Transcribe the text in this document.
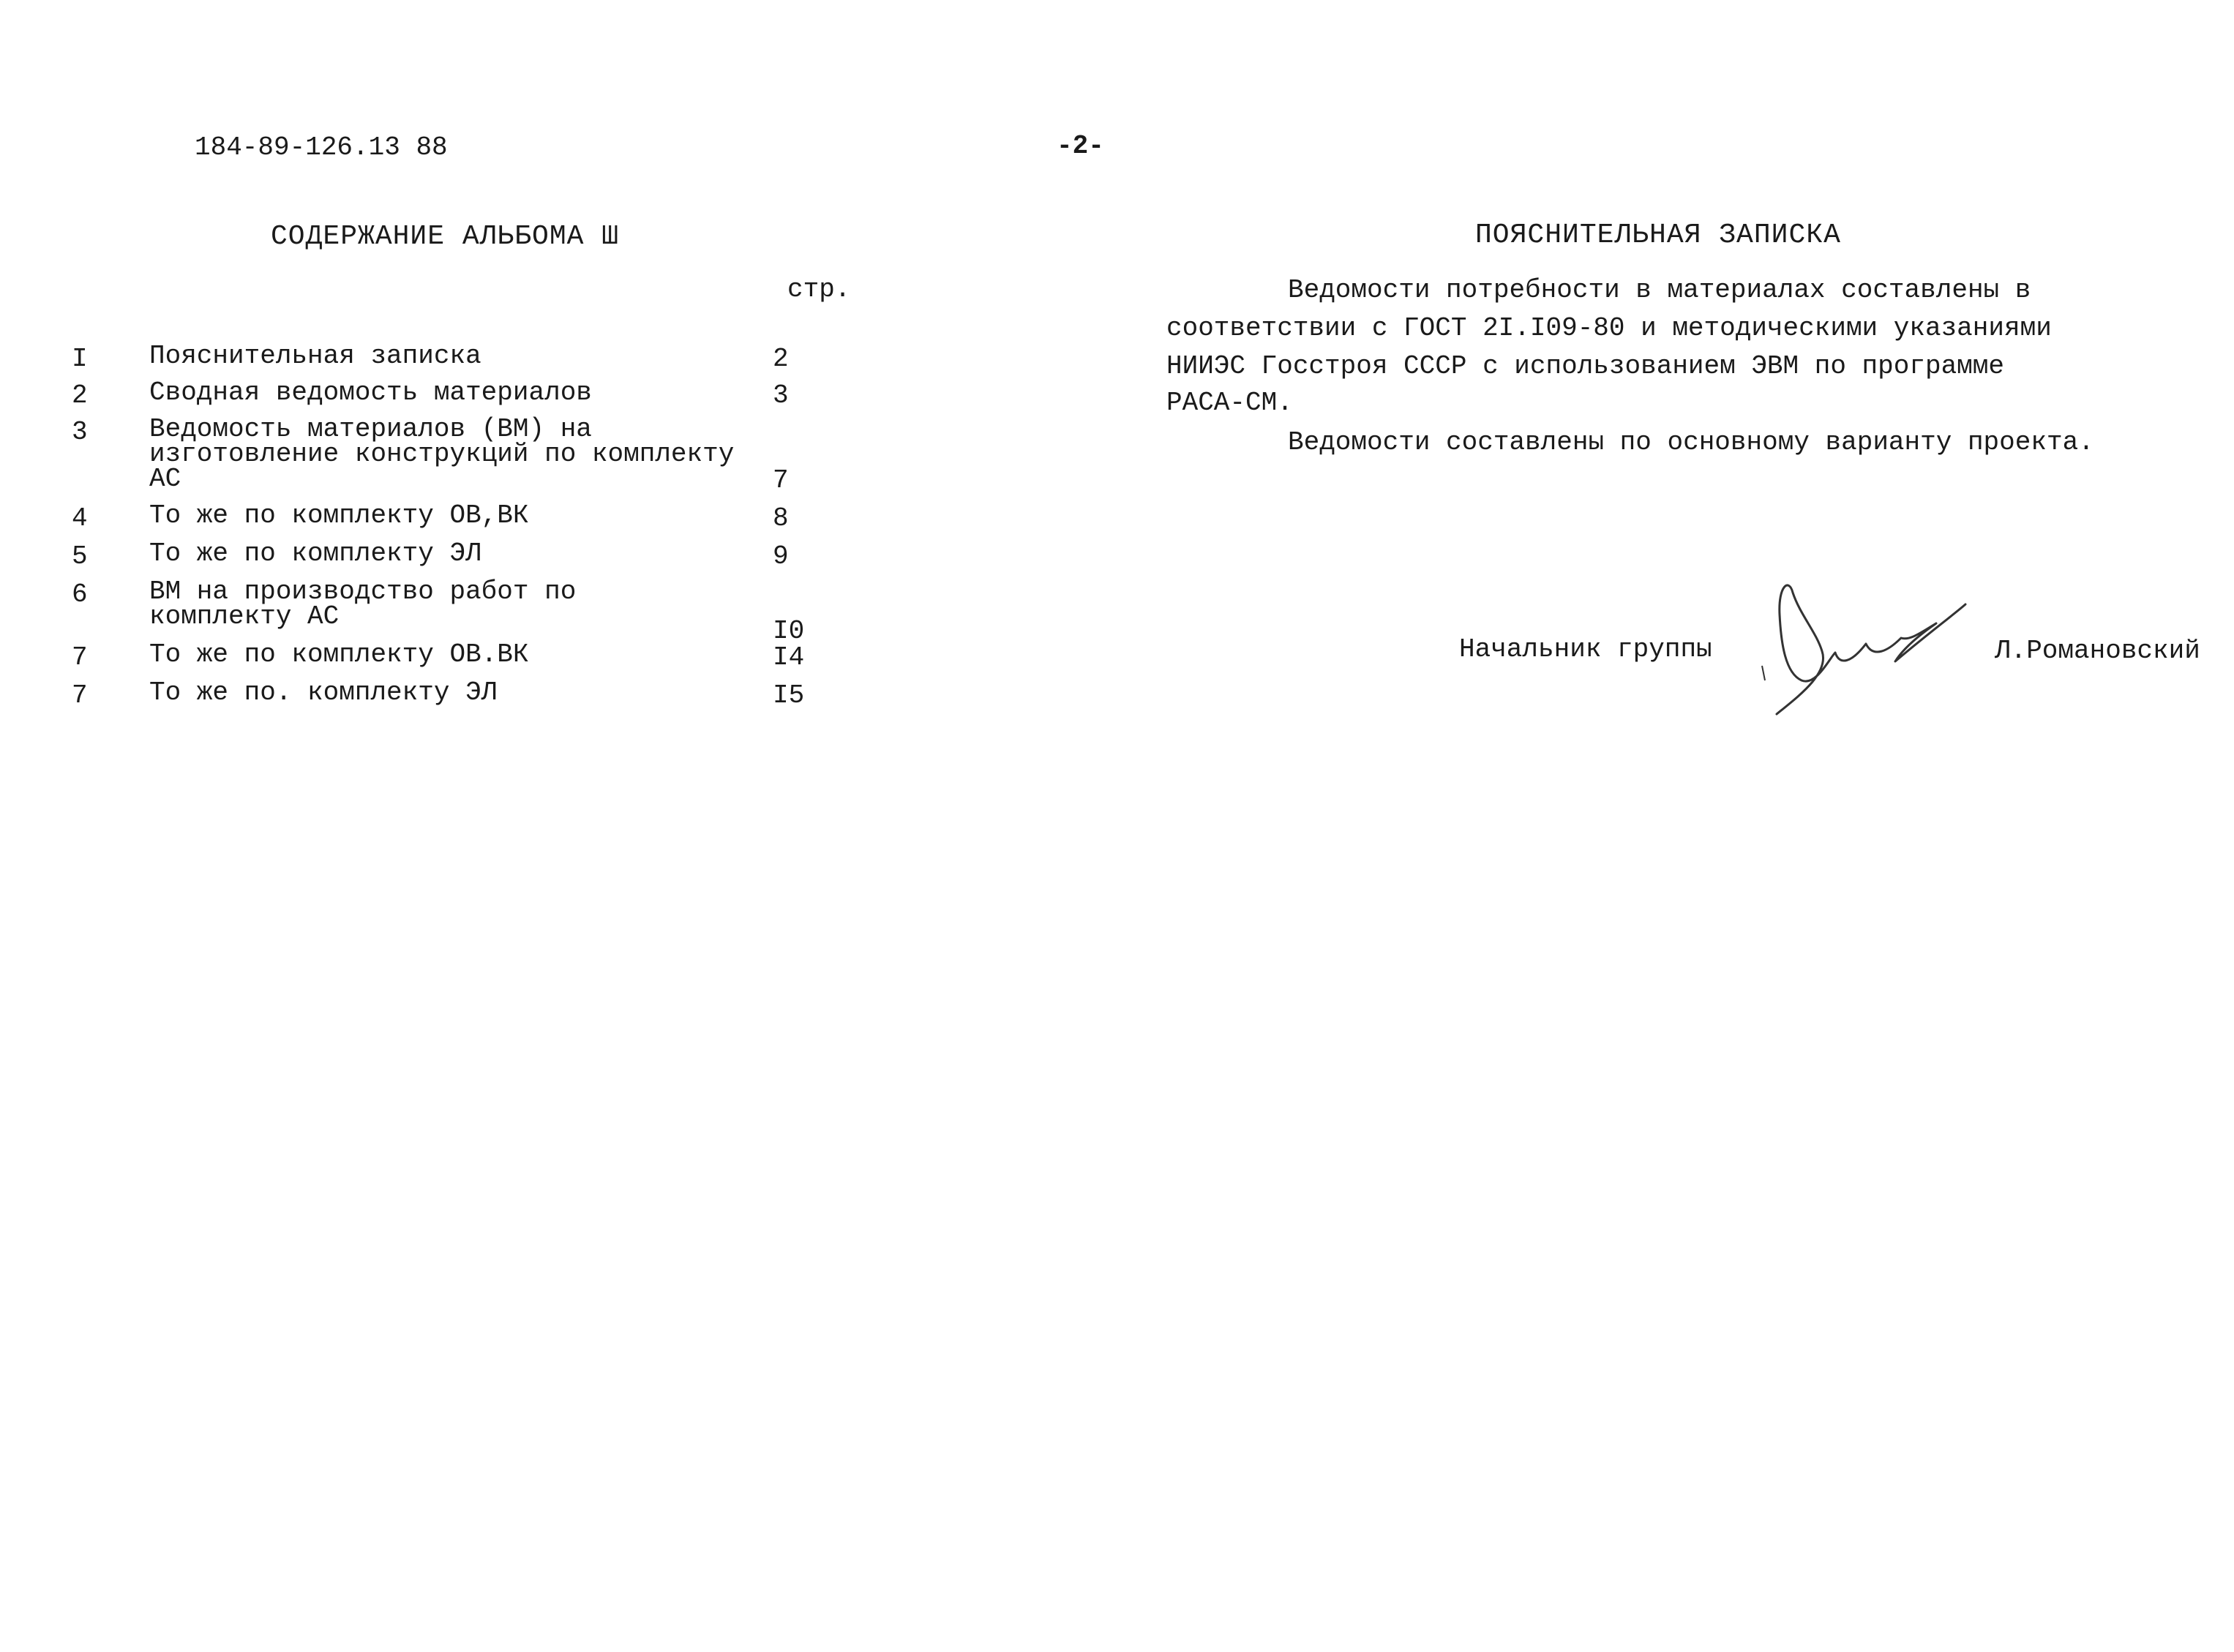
184-89-126.13 88	-2-
СОДЕРЖАНИЕ АЛЬБОМА Ш
стр.
I Пояснительная записка	2
2 Сводная ведомость материалов	3
3 Ведомость материалов (ВМ) на
изготовление конструкций по комплекту
АС	7
4 То же по комплекту ОВ,ВК	8
5 То же по комплекту ЭЛ	9
6 ВМ на производство работ по
комплекту АС	I0
7 То же по комплекту ОВ.ВК	I4
7 То же по. комплекту ЭЛ	I5
ПОЯСНИТЕЛЬНАЯ ЗАПИСКА
Ведомости потребности в материалах составлены в
соответствии с ГОСТ 2I.I09-80 и методическими указаниями
НИИЭС Госстроя СССР с использованием ЭВМ по программе
РАСА-СМ.
Ведомости составлены по основному варианту проекта.
Начальник группы	Л.Романовский
